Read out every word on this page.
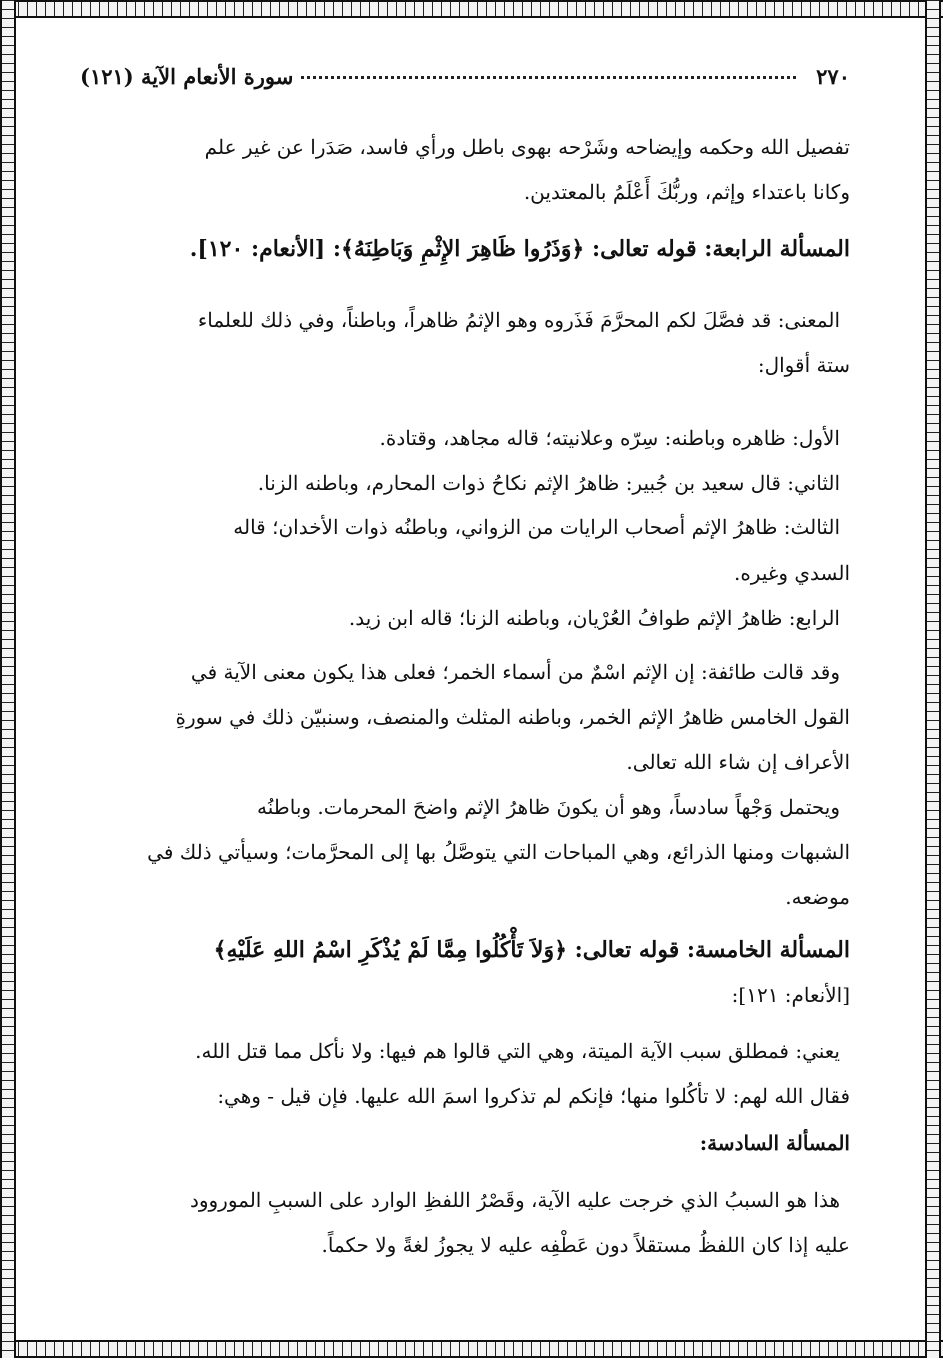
٢٧٠
سورة الأنعام الآية (١٢١)
تفصيل الله وحكمه وإيضاحه وشَرْحه بهوى باطل ورأي فاسد، صَدَرا عن غير علم
وكانا باعتداء وإثم، وربُّكَ أَعْلَمُ بالمعتدين.
المسألة الرابعة: قوله تعالى: ﴿وَذَرُوا ظَاهِرَ الإِثْمِ وَبَاطِنَهُ﴾: [الأنعام: ١٢٠].
المعنى: قد فصَّلَ لكم المحرَّمَ فَذَروه وهو الإثمُ ظاهراً، وباطناً، وفي ذلك للعلماء
ستة أقوال:
الأول: ظاهره وباطنه: سِرّه وعلانيته؛ قاله مجاهد، وقتادة.
الثاني: قال سعيد بن جُبير: ظاهرُ الإثم نكاحُ ذوات المحارم، وباطنه الزنا.
الثالث: ظاهرُ الإثم أصحاب الرايات من الزواني، وباطنُه ذوات الأخدان؛ قاله
السدي وغيره.
الرابع: ظاهرُ الإثم طوافُ العُرْيان، وباطنه الزنا؛ قاله ابن زيد.
وقد قالت طائفة: إن الإثم اسْمٌ من أسماء الخمر؛ فعلى هذا يكون معنى الآية في
القول الخامس ظاهرُ الإثم الخمر، وباطنه المثلث والمنصف، وسنبيّن ذلك في سورةِ
الأعراف إن شاء الله تعالى.
ويحتمل وَجْهاً سادساً، وهو أن يكونَ ظاهرُ الإثم واضحَ المحرمات. وباطنُه
الشبهات ومنها الذرائع، وهي المباحات التي يتوصَّلُ بها إلى المحرَّمات؛ وسيأتي ذلك في
موضعه.
المسألة الخامسة: قوله تعالى: ﴿وَلاَ تَأْكُلُوا مِمَّا لَمْ يُذْكَرِ اسْمُ اللهِ عَلَيْهِ﴾
[الأنعام: ١٢١]:
يعني: فمطلق سبب الآية الميتة، وهي التي قالوا هم فيها: ولا نأكل مما قتل الله.
فقال الله لهم: لا تأكُلوا منها؛ فإنكم لم تذكروا اسمَ الله عليها. فإن قيل - وهي:
المسألة السادسة:
هذا هو السببُ الذي خرجت عليه الآية، وقَصْرُ اللفظِ الوارد على السببِ الموروود
عليه إذا كان اللفظُ مستقلاً دون عَطْفِه عليه لا يجوزُ لغةً ولا حكماً.
